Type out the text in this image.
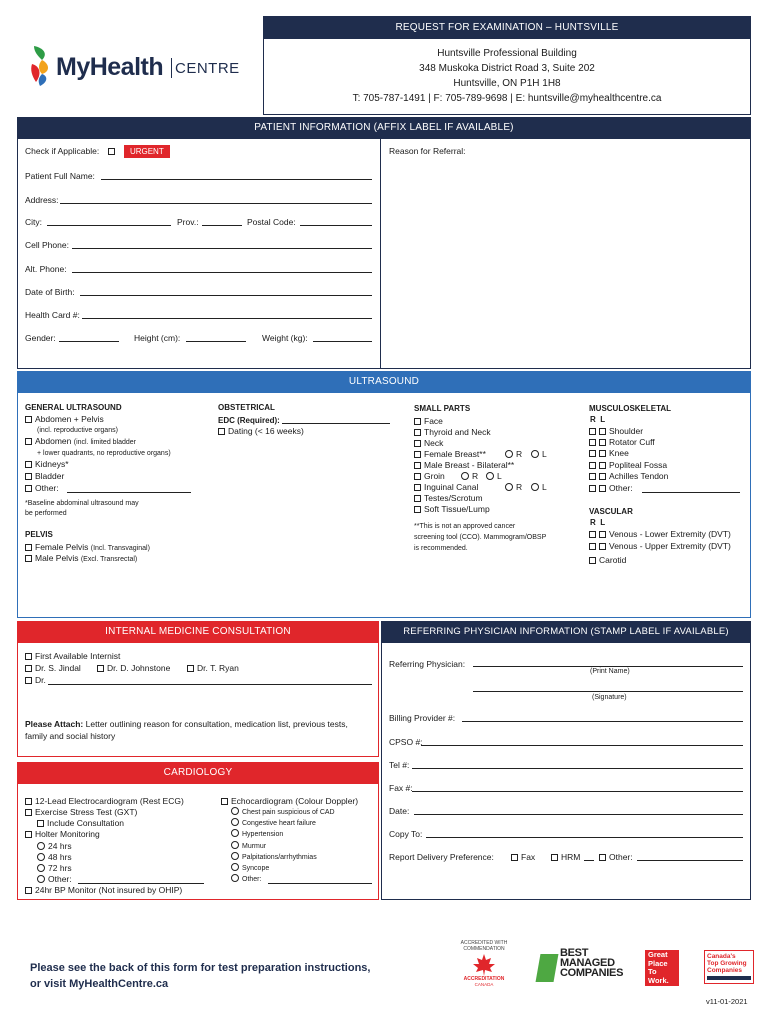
MyHealth CENTRE
REQUEST FOR EXAMINATION – HUNTSVILLE
Huntsville Professional Building
348 Muskoka District Road 3, Suite 202
Huntsville, ON P1H 1H8
T: 705-787-1491 | F: 705-789-9698 | E: huntsville@myhealthcentre.ca
PATIENT INFORMATION (AFFIX LABEL IF AVAILABLE)
Check if Applicable:	URGENT	Reason for Referral:
Patient Full Name:
Address:
City:	Prov.:	Postal Code:
Cell Phone:
Alt. Phone:
Date of Birth:
Health Card #:
Gender:	Height (cm):	Weight (kg):
ULTRASOUND
GENERAL ULTRASOUND
Abdomen + Pelvis
(incl. reproductive organs)
Abdomen (incl. limited bladder
+ lower quadrants, no reproductive organs)
Kidneys*
Bladder
Other:
*Baseline abdominal ultrasound may
be performed
PELVIS
Female Pelvis (Incl. Transvaginal)
Male Pelvis (Excl. Transrectal)
OBSTETRICAL
EDC (Required):
Dating (< 16 weeks)
SMALL PARTS
Face
Thyroid and Neck
Neck
Female Breast**	R	L
Male Breast - Bilateral**
Groin	R	L
Inguinal Canal	R	L
Testes/Scrotum
Soft Tissue/Lump
**This is not an approved cancer
screening tool (CCO). Mammogram/OBSP
is recommended.
MUSCULOSKELETAL
R  L
Shoulder
Rotator Cuff
Knee
Popliteal Fossa
Achilles Tendon
Other:
VASCULAR
R  L
Venous - Lower Extremity (DVT)
Venous - Upper Extremity (DVT)
Carotid
INTERNAL MEDICINE CONSULTATION
First Available Internist
Dr. S. Jindal	Dr. D. Johnstone	Dr. T. Ryan
Dr.
Please Attach: Letter outlining reason for consultation, medication list, previous tests,
family and social history
CARDIOLOGY
12-Lead Electrocardiogram (Rest ECG)
Exercise Stress Test (GXT)
Include Consultation
Holter Monitoring
24 hrs
48 hrs
72 hrs
Other:
24hr BP Monitor (Not insured by OHIP)
Echocardiogram (Colour Doppler)
Chest pain suspicious of CAD
Congestive heart failure
Hypertension
Murmur
Palpitations/arrhythmias
Syncope
Other:
REFERRING PHYSICIAN INFORMATION (STAMP LABEL IF AVAILABLE)
Referring Physician:
(Print Name)
(Signature)
Billing Provider #:
CPSO #:
Tel #:
Fax #:
Date:
Copy To:
Report Delivery Preference:	Fax	HRM	Other:
Please see the back of this form for test preparation instructions,
or visit MyHealthCentre.ca
ACCREDITED WITH
COMMENDATION
ACCREDITATION
CANADA
BEST
MANAGED
COMPANIES
Great
Place
To
Work.
Canada's
Top Growing
Companies
v11-01-2021
